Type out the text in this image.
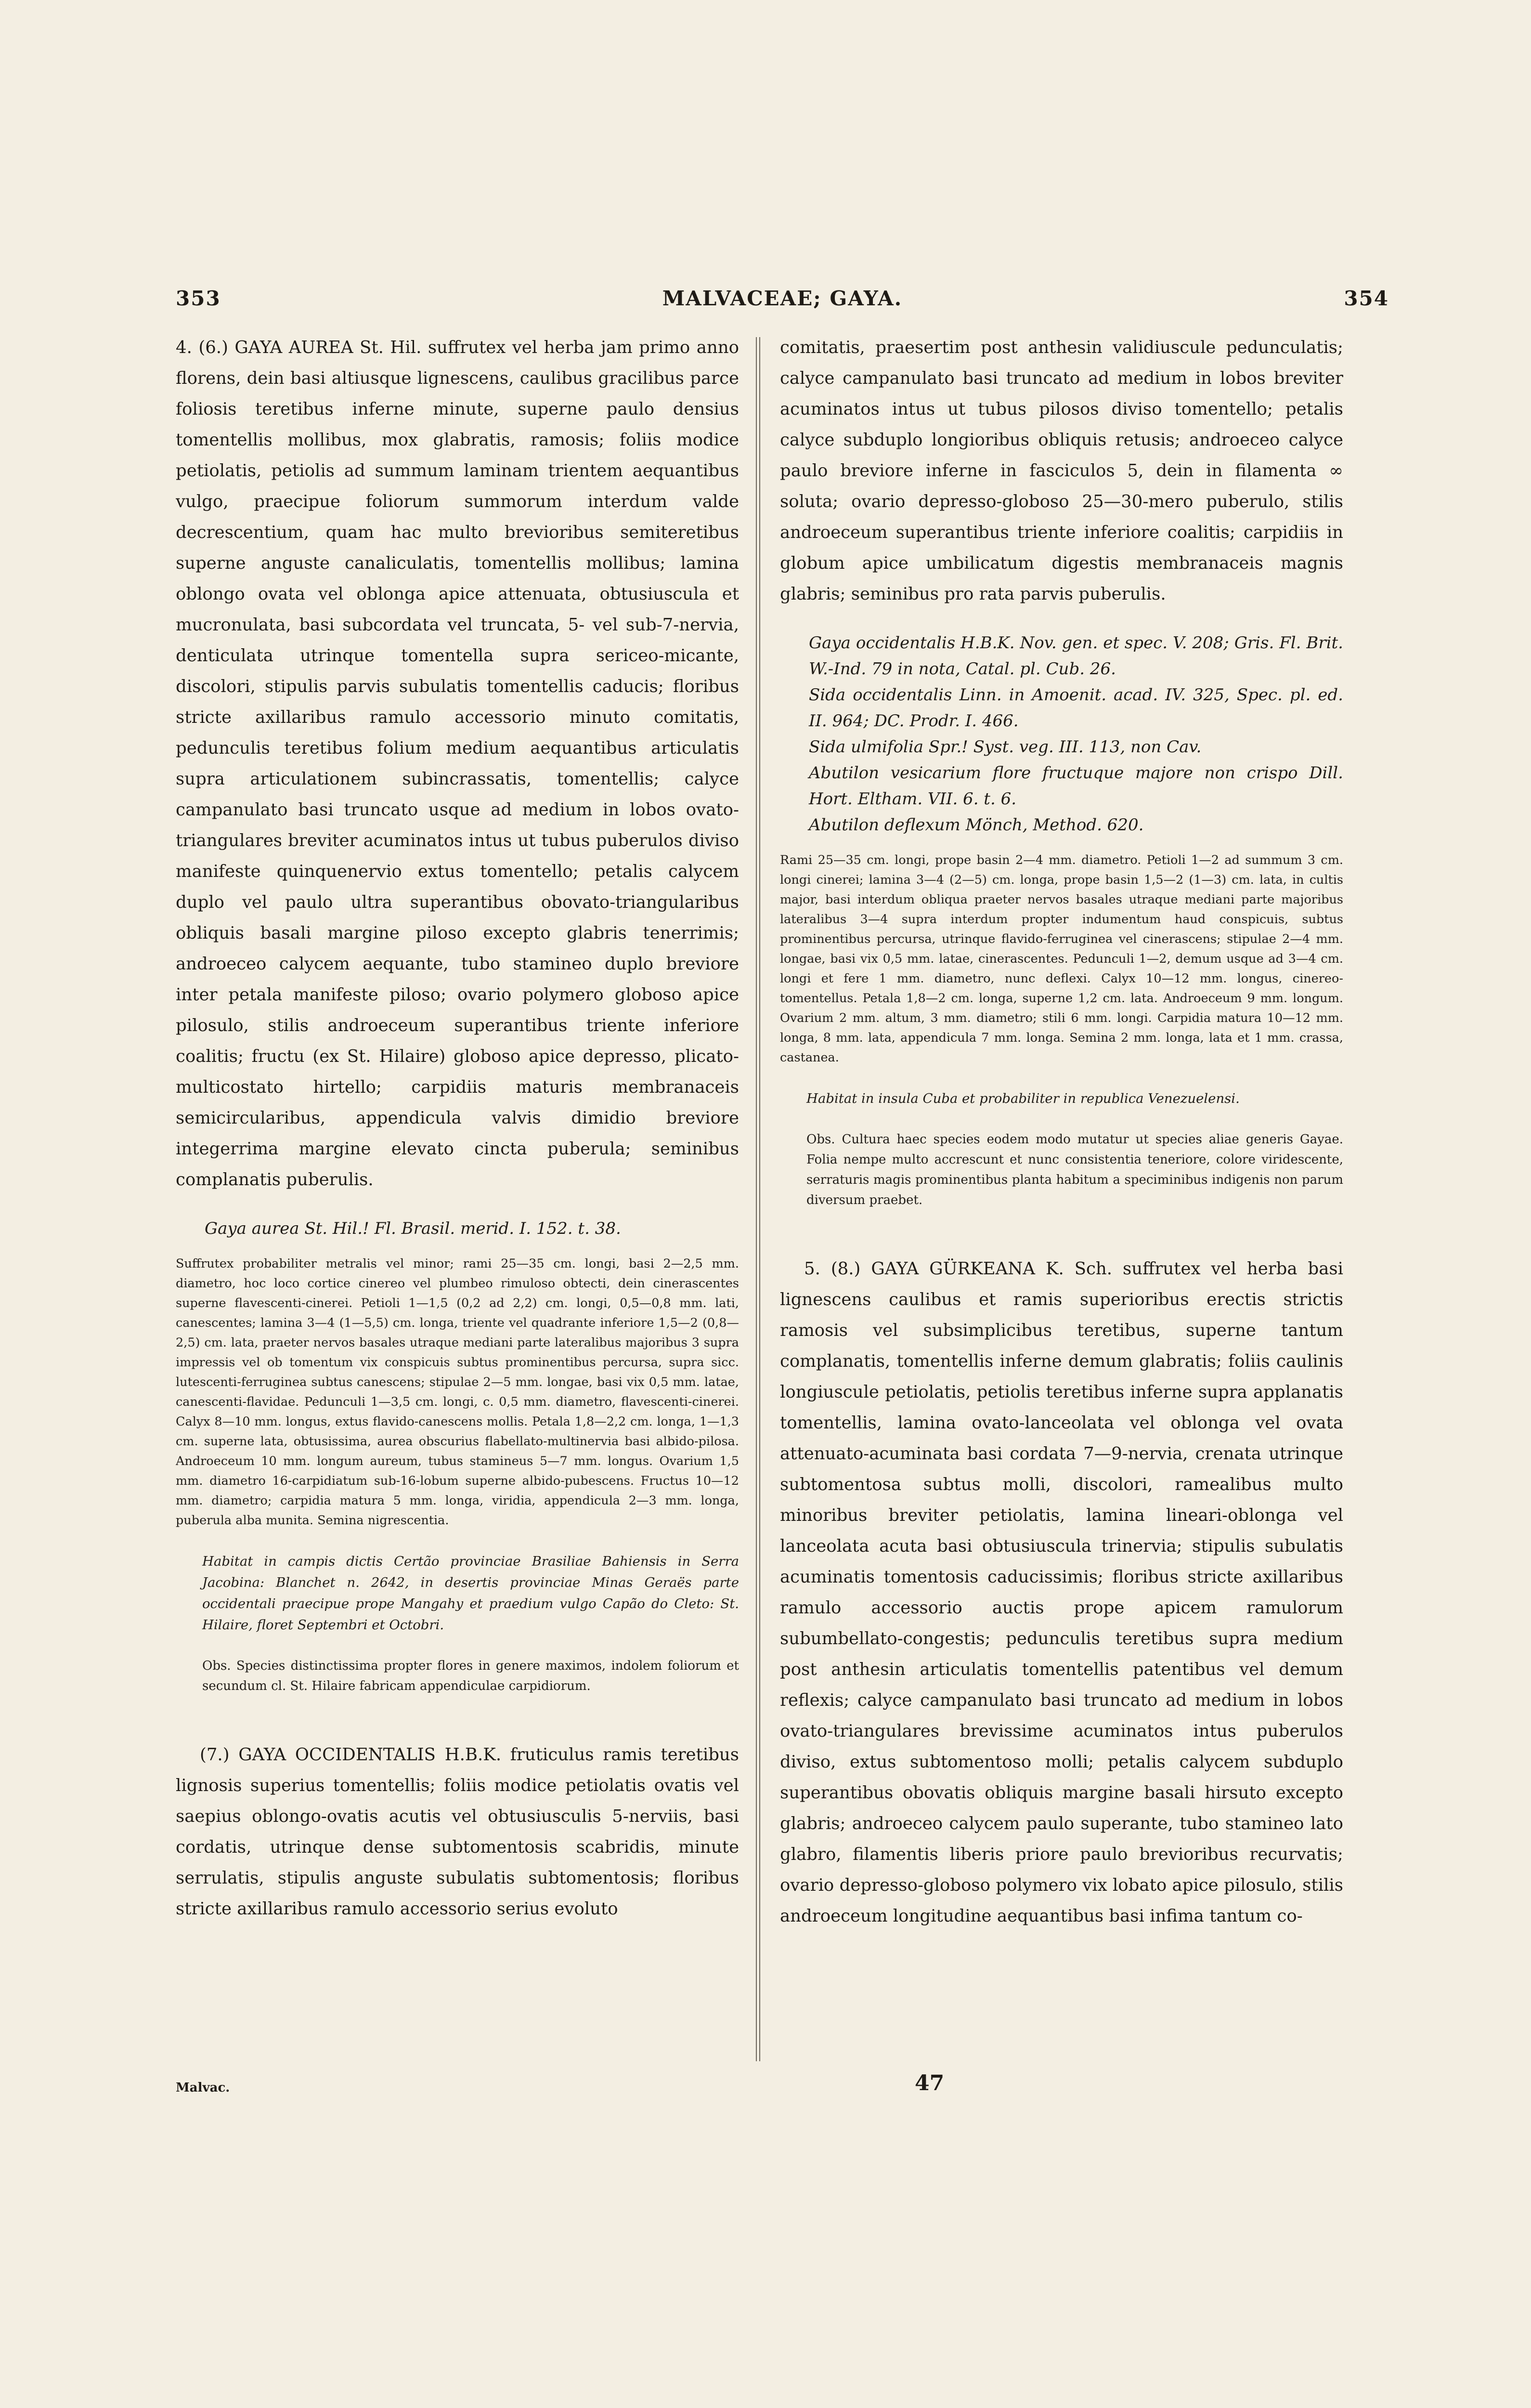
353	MALVACEAE; GAYA.	354

4. (6.) GAYA AUREA St. Hil. suffrutex vel herba jam primo anno florens, dein basi altiusque lignescens, caulibus gracilibus parce foliosis teretibus inferne minute, superne paulo densius tomentellis mollibus, mox glabratis, ramosis; foliis modice petiolatis, petiolis ad summum laminam trientem aequantibus vulgo, praecipue foliorum summorum interdum valde decrescentium, quam hac multo brevioribus semiteretibus superne anguste canaliculatis, tomentellis mollibus; lamina oblongo ovata vel oblonga apice attenuata, obtusiuscula et mucronulata, basi subcordata vel truncata, 5- vel sub-7-nervia, denticulata utrinque tomentella supra sericeo-micante, discolori, stipulis parvis subulatis tomentellis caducis; floribus stricte axillaribus ramulo accessorio minuto comitatis, pedunculis teretibus folium medium aequantibus articulatis supra articulationem subincrassatis, tomentellis; calyce campanulato basi truncato usque ad medium in lobos ovato-triangulares breviter acuminatos intus ut tubus puberulos diviso manifeste quinquenervio extus tomentello; petalis calycem duplo vel paulo ultra superantibus obovato-triangularibus obliquis basali margine piloso excepto glabris tenerrimis; androeceo calycem aequante, tubo stamineo duplo breviore inter petala manifeste piloso; ovario polymero globoso apice pilosulo, stilis androeceum superantibus triente inferiore coalitis; fructu (ex St. Hilaire) globoso apice depresso, plicato-multicostato hirtello; carpidiis maturis membranaceis semicircularibus, appendicula valvis dimidio breviore integerrima margine elevato cincta puberula; seminibus complanatis puberulis.

Gaya aurea St. Hil.! Fl. Brasil. merid. I. 152. t. 38.

Suffrutex probabiliter metralis vel minor; rami 25—35 cm. longi, basi 2—2,5 mm. diametro, hoc loco cortice cinereo vel plumbeo rimuloso obtecti, dein cinerascentes superne flavescenti-cinerei. Petioli 1—1,5 (0,2 ad 2,2) cm. longi, 0,5—0,8 mm. lati, canescentes; lamina 3—4 (1—5,5) cm. longa, triente vel quadrante inferiore 1,5—2 (0,8—2,5) cm. lata, praeter nervos basales utraque mediani parte lateralibus majoribus 3 supra impressis vel ob tomentum vix conspicuis subtus prominentibus percursa, supra sicc. lutescenti-ferruginea subtus canescens; stipulae 2—5 mm. longae, basi vix 0,5 mm. latae, canescenti-flavidae. Pedunculi 1—3,5 cm. longi, c. 0,5 mm. diametro, flavescenti-cinerei. Calyx 8—10 mm. longus, extus flavido-canescens mollis. Petala 1,8—2,2 cm. longa, 1—1,3 cm. superne lata, obtusissima, aurea obscurius flabellato-multinervia basi albido-pilosa. Androeceum 10 mm. longum aureum, tubus stamineus 5—7 mm. longus. Ovarium 1,5 mm. diametro 16-carpidiatum sub-16-lobum superne albido-pubescens. Fructus 10—12 mm. diametro; carpidia matura 5 mm. longa, viridia, appendicula 2—3 mm. longa, puberula alba munita. Semina nigrescentia.

Habitat in campis dictis Certão provinciae Brasiliae Bahiensis in Serra Jacobina: Blanchet n. 2642, in desertis provinciae Minas Geraës parte occidentali praecipue prope Mangahy et praedium vulgo Capão do Cleto: St. Hilaire, floret Septembri et Octobri.

Obs. Species distinctissima propter flores in genere maximos, indolem foliorum et secundum cl. St. Hilaire fabricam appendiculae carpidiorum.

(7.) GAYA OCCIDENTALIS H.B.K. fruticulus ramis teretibus lignosis superius tomentellis; foliis modice petiolatis ovatis vel saepius oblongo-ovatis acutis vel obtusiusculis 5-nerviis, basi cordatis, utrinque dense subtomentosis scabridis, minute serrulatis, stipulis anguste subulatis subtomentosis; floribus stricte axillaribus ramulo accessorio serius evoluto

comitatis, praesertim post anthesin validiuscule pedunculatis; calyce campanulato basi truncato ad medium in lobos breviter acuminatos intus ut tubus pilosos diviso tomentello; petalis calyce subduplo longioribus obliquis retusis; androeceo calyce paulo breviore inferne in fasciculos 5, dein in filamenta ∞ soluta; ovario depresso-globoso 25—30-mero puberulo, stilis androeceum superantibus triente inferiore coalitis; carpidiis in globum apice umbilicatum digestis membranaceis magnis glabris; seminibus pro rata parvis puberulis.

Gaya occidentalis H.B.K. Nov. gen. et spec. V. 208; Gris. Fl. Brit. W.-Ind. 79 in nota, Catal. pl. Cub. 26.

Sida occidentalis Linn. in Amoenit. acad. IV. 325, Spec. pl. ed. II. 964; DC. Prodr. I. 466.

Sida ulmifolia Spr.! Syst. veg. III. 113, non Cav.

Abutilon vesicarium flore fructuque majore non crispo Dill. Hort. Eltham. VII. 6. t. 6.

Abutilon deflexum Mönch, Method. 620.

Rami 25—35 cm. longi, prope basin 2—4 mm. diametro. Petioli 1—2 ad summum 3 cm. longi cinerei; lamina 3—4 (2—5) cm. longa, prope basin 1,5—2 (1—3) cm. lata, in cultis major, basi interdum obliqua praeter nervos basales utraque mediani parte majoribus lateralibus 3—4 supra interdum propter indumentum haud conspicuis, subtus prominentibus percursa, utrinque flavido-ferruginea vel cinerascens; stipulae 2—4 mm. longae, basi vix 0,5 mm. latae, cinerascentes. Pedunculi 1—2, demum usque ad 3—4 cm. longi et fere 1 mm. diametro, nunc deflexi. Calyx 10—12 mm. longus, cinereo-tomentellus. Petala 1,8—2 cm. longa, superne 1,2 cm. lata. Androeceum 9 mm. longum. Ovarium 2 mm. altum, 3 mm. diametro; stili 6 mm. longi. Carpidia matura 10—12 mm. longa, 8 mm. lata, appendicula 7 mm. longa. Semina 2 mm. longa, lata et 1 mm. crassa, castanea.

Habitat in insula Cuba et probabiliter in republica Venezuelensi.

Obs. Cultura haec species eodem modo mutatur ut species aliae generis Gayae. Folia nempe multo accrescunt et nunc consistentia teneriore, colore viridescente, serraturis magis prominentibus planta habitum a speciminibus indigenis non parum diversum praebet.

5. (8.) GAYA GÜRKEANA K. Sch. suffrutex vel herba basi lignescens caulibus et ramis superioribus erectis strictis ramosis vel subsimplicibus teretibus, superne tantum complanatis, tomentellis inferne demum glabratis; foliis caulinis longiuscule petiolatis, petiolis teretibus inferne supra applanatis tomentellis, lamina ovato-lanceolata vel oblonga vel ovata attenuato-acuminata basi cordata 7—9-nervia, crenata utrinque subtomentosa subtus molli, discolori, ramealibus multo minoribus breviter petiolatis, lamina lineari-oblonga vel lanceolata acuta basi obtusiuscula trinervia; stipulis subulatis acuminatis tomentosis caducissimis; floribus stricte axillaribus ramulo accessorio auctis prope apicem ramulorum subumbellato-congestis; pedunculis teretibus supra medium post anthesin articulatis tomentellis patentibus vel demum reflexis; calyce campanulato basi truncato ad medium in lobos ovato-triangulares brevissime acuminatos intus puberulos diviso, extus subtomentoso molli; petalis calycem subduplo superantibus obovatis obliquis margine basali hirsuto excepto glabris; androeceo calycem paulo superante, tubo stamineo lato glabro, filamentis liberis priore paulo brevioribus recurvatis; ovario depresso-globoso polymero vix lobato apice pilosulo, stilis androeceum longitudine aequantibus basi infima tantum co-

Malvac.	47
